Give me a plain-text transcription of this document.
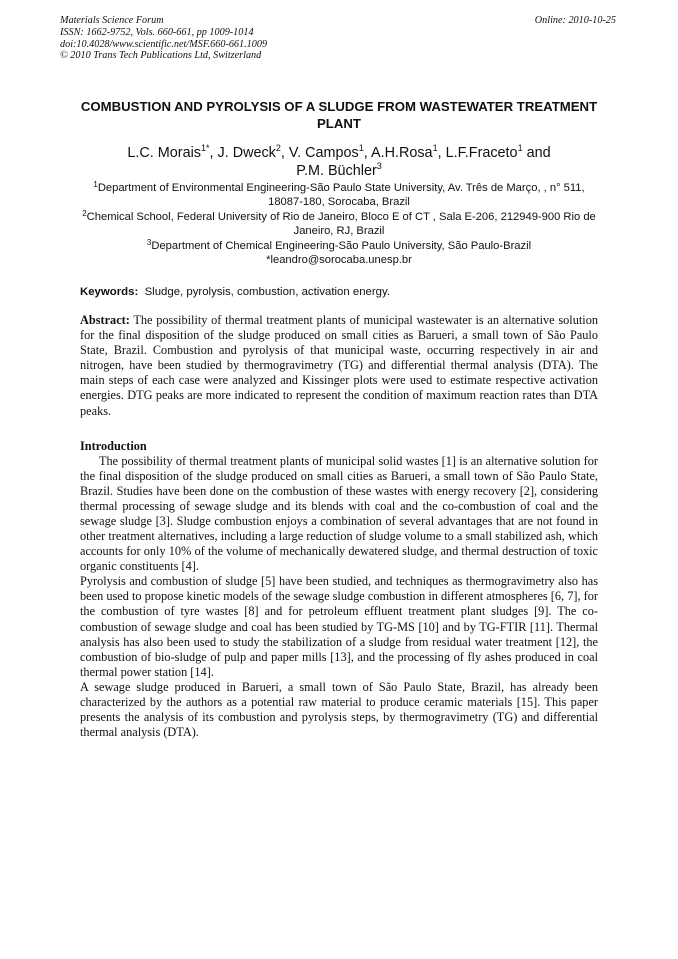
Materials Science Forum
ISSN: 1662-9752, Vols. 660-661, pp 1009-1014
doi:10.4028/www.scientific.net/MSF.660-661.1009
© 2010 Trans Tech Publications Ltd, Switzerland
Online: 2010-10-25
COMBUSTION AND PYROLYSIS OF A SLUDGE FROM WASTEWATER TREATMENT PLANT
L.C. Morais$^{1*}$, J. Dweck$^2$, V. Campos$^1$, A.H.Rosa$^1$, L.F.Fraceto$^1$ and
P.M. Büchler$^3$
$^1$Department of Environmental Engineering-São Paulo State University, Av. Três de Março, , n° 511, 18087-180, Sorocaba, Brazil
$^2$Chemical School, Federal University of Rio de Janeiro, Bloco E of CT , Sala E-206, 212949-900 Rio de Janeiro, RJ, Brazil
$^3$Department of Chemical Engineering-São Paulo University, São Paulo-Brazil
*leandro@sorocaba.unesp.br
Keywords: Sludge, pyrolysis, combustion, activation energy.
Abstract: The possibility of thermal treatment plants of municipal wastewater is an alternative solution for the final disposition of the sludge produced on small cities as Barueri, a small town of São Paulo State, Brazil. Combustion and pyrolysis of that municipal waste, occurring respectively in air and nitrogen, have been studied by thermogravimetry (TG) and differential thermal analysis (DTA). The main steps of each case were analyzed and Kissinger plots were used to estimate respective activation energies. DTG peaks are more indicated to represent the condition of maximum reaction rates than DTA peaks.
Introduction

The possibility of thermal treatment plants of municipal solid wastes [1] is an alternative solution for the final disposition of the sludge produced on small cities as Barueri, a small town of São Paulo State, Brazil. Studies have been done on the combustion of these wastes with energy recovery [2], considering thermal processing of sewage sludge and its blends with coal and the co-combustion of coal and the sewage sludge [3]. Sludge combustion enjoys a combination of several advantages that are not found in other treatment alternatives, including a large reduction of sludge volume to a small stabilized ash, which accounts for only 10% of the volume of mechanically dewatered sludge, and thermal destruction of toxic organic constituents [4].

Pyrolysis and combustion of sludge [5] have been studied, and techniques as thermogravimetry also has been used to propose kinetic models of the sewage sludge combustion in different atmospheres [6, 7], for the combustion of tyre wastes [8] and for petroleum effluent treatment plant sludges [9]. The co-combustion of sewage sludge and coal has been studied by TG-MS [10] and by TG-FTIR [11]. Thermal analysis has also been used to study the stabilization of a sludge from residual water treatment [12], the combustion of bio-sludge of pulp and paper mills [13], and the processing of fly ashes produced in coal thermal power station [14].

A sewage sludge produced in Barueri, a small town of São Paulo State, Brazil, has already been characterized by the authors as a potential raw material to produce ceramic materials [15]. This paper presents the analysis of its combustion and pyrolysis steps, by thermogravimetry (TG) and differential thermal analysis (DTA).
